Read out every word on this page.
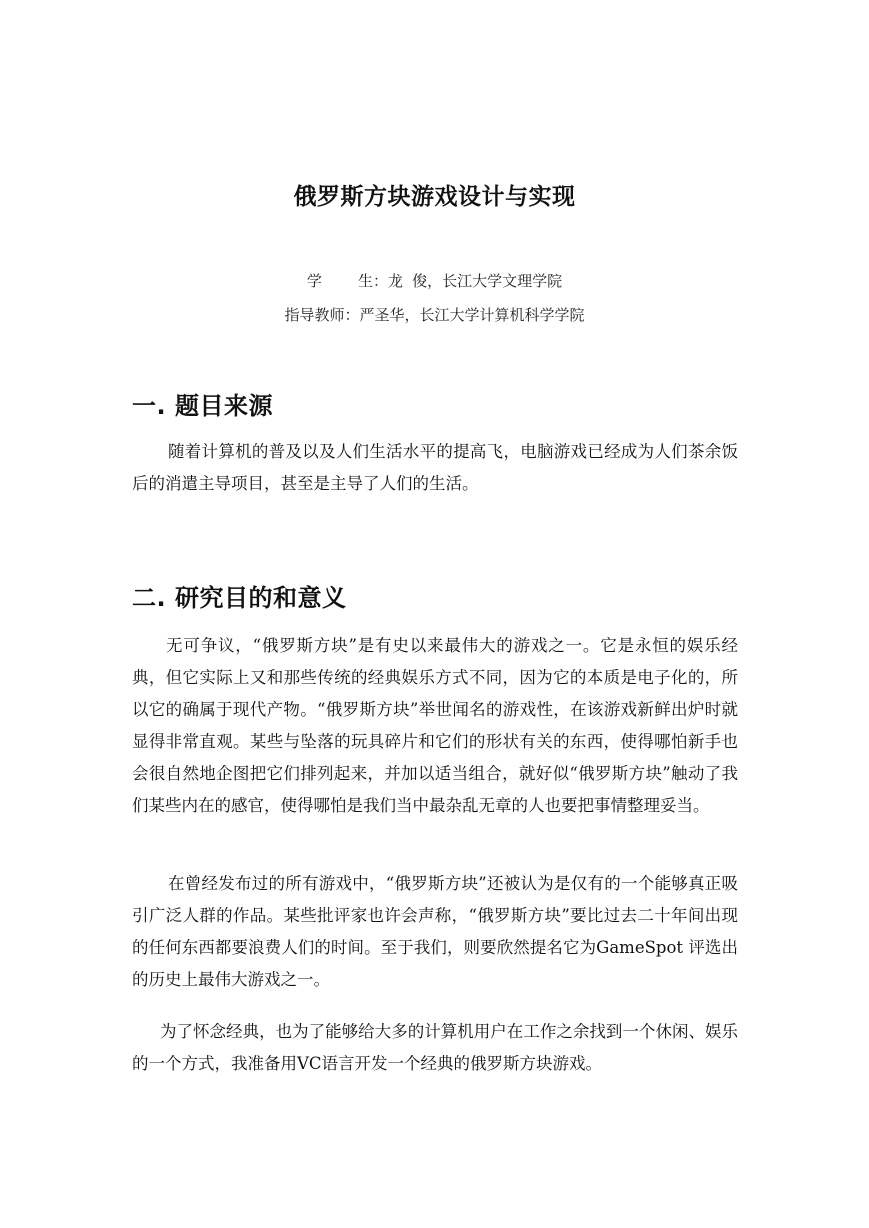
俄罗斯方块游戏设计与实现
学    生：龙 俊，长江大学文理学院
指导教师：严圣华，长江大学计算机科学学院
一. 题目来源

随着计算机的普及以及人们生活水平的提高飞，电脑游戏已经成为人们茶余饭后的消遣主导项目，甚至是主导了人们的生活。

二. 研究目的和意义

无可争议，“俄罗斯方块”是有史以来最伟大的游戏之一。它是永恒的娱乐经典，但它实际上又和那些传统的经典娱乐方式不同，因为它的本质是电子化的，所以它的确属于现代产物。“俄罗斯方块”举世闻名的游戏性，在该游戏新鲜出炉时就显得非常直观。某些与坠落的玩具碎片和它们的形状有关的东西，使得哪怕新手也会很自然地企图把它们排列起来，并加以适当组合，就好似“俄罗斯方块”触动了我们某些内在的感官，使得哪怕是我们当中最杂乱无章的人也要把事情整理妥当。

在曾经发布过的所有游戏中，“俄罗斯方块”还被认为是仅有的一个能够真正吸引广泛人群的作品。某些批评家也许会声称，“俄罗斯方块”要比过去二十年间出现的任何东西都要浪费人们的时间。至于我们，则要欣然提名它为GameSpot 评选出的历史上最伟大游戏之一。

为了怀念经典，也为了能够给大多的计算机用户在工作之余找到一个休闲、娱乐的一个方式，我准备用VC语言开发一个经典的俄罗斯方块游戏。
